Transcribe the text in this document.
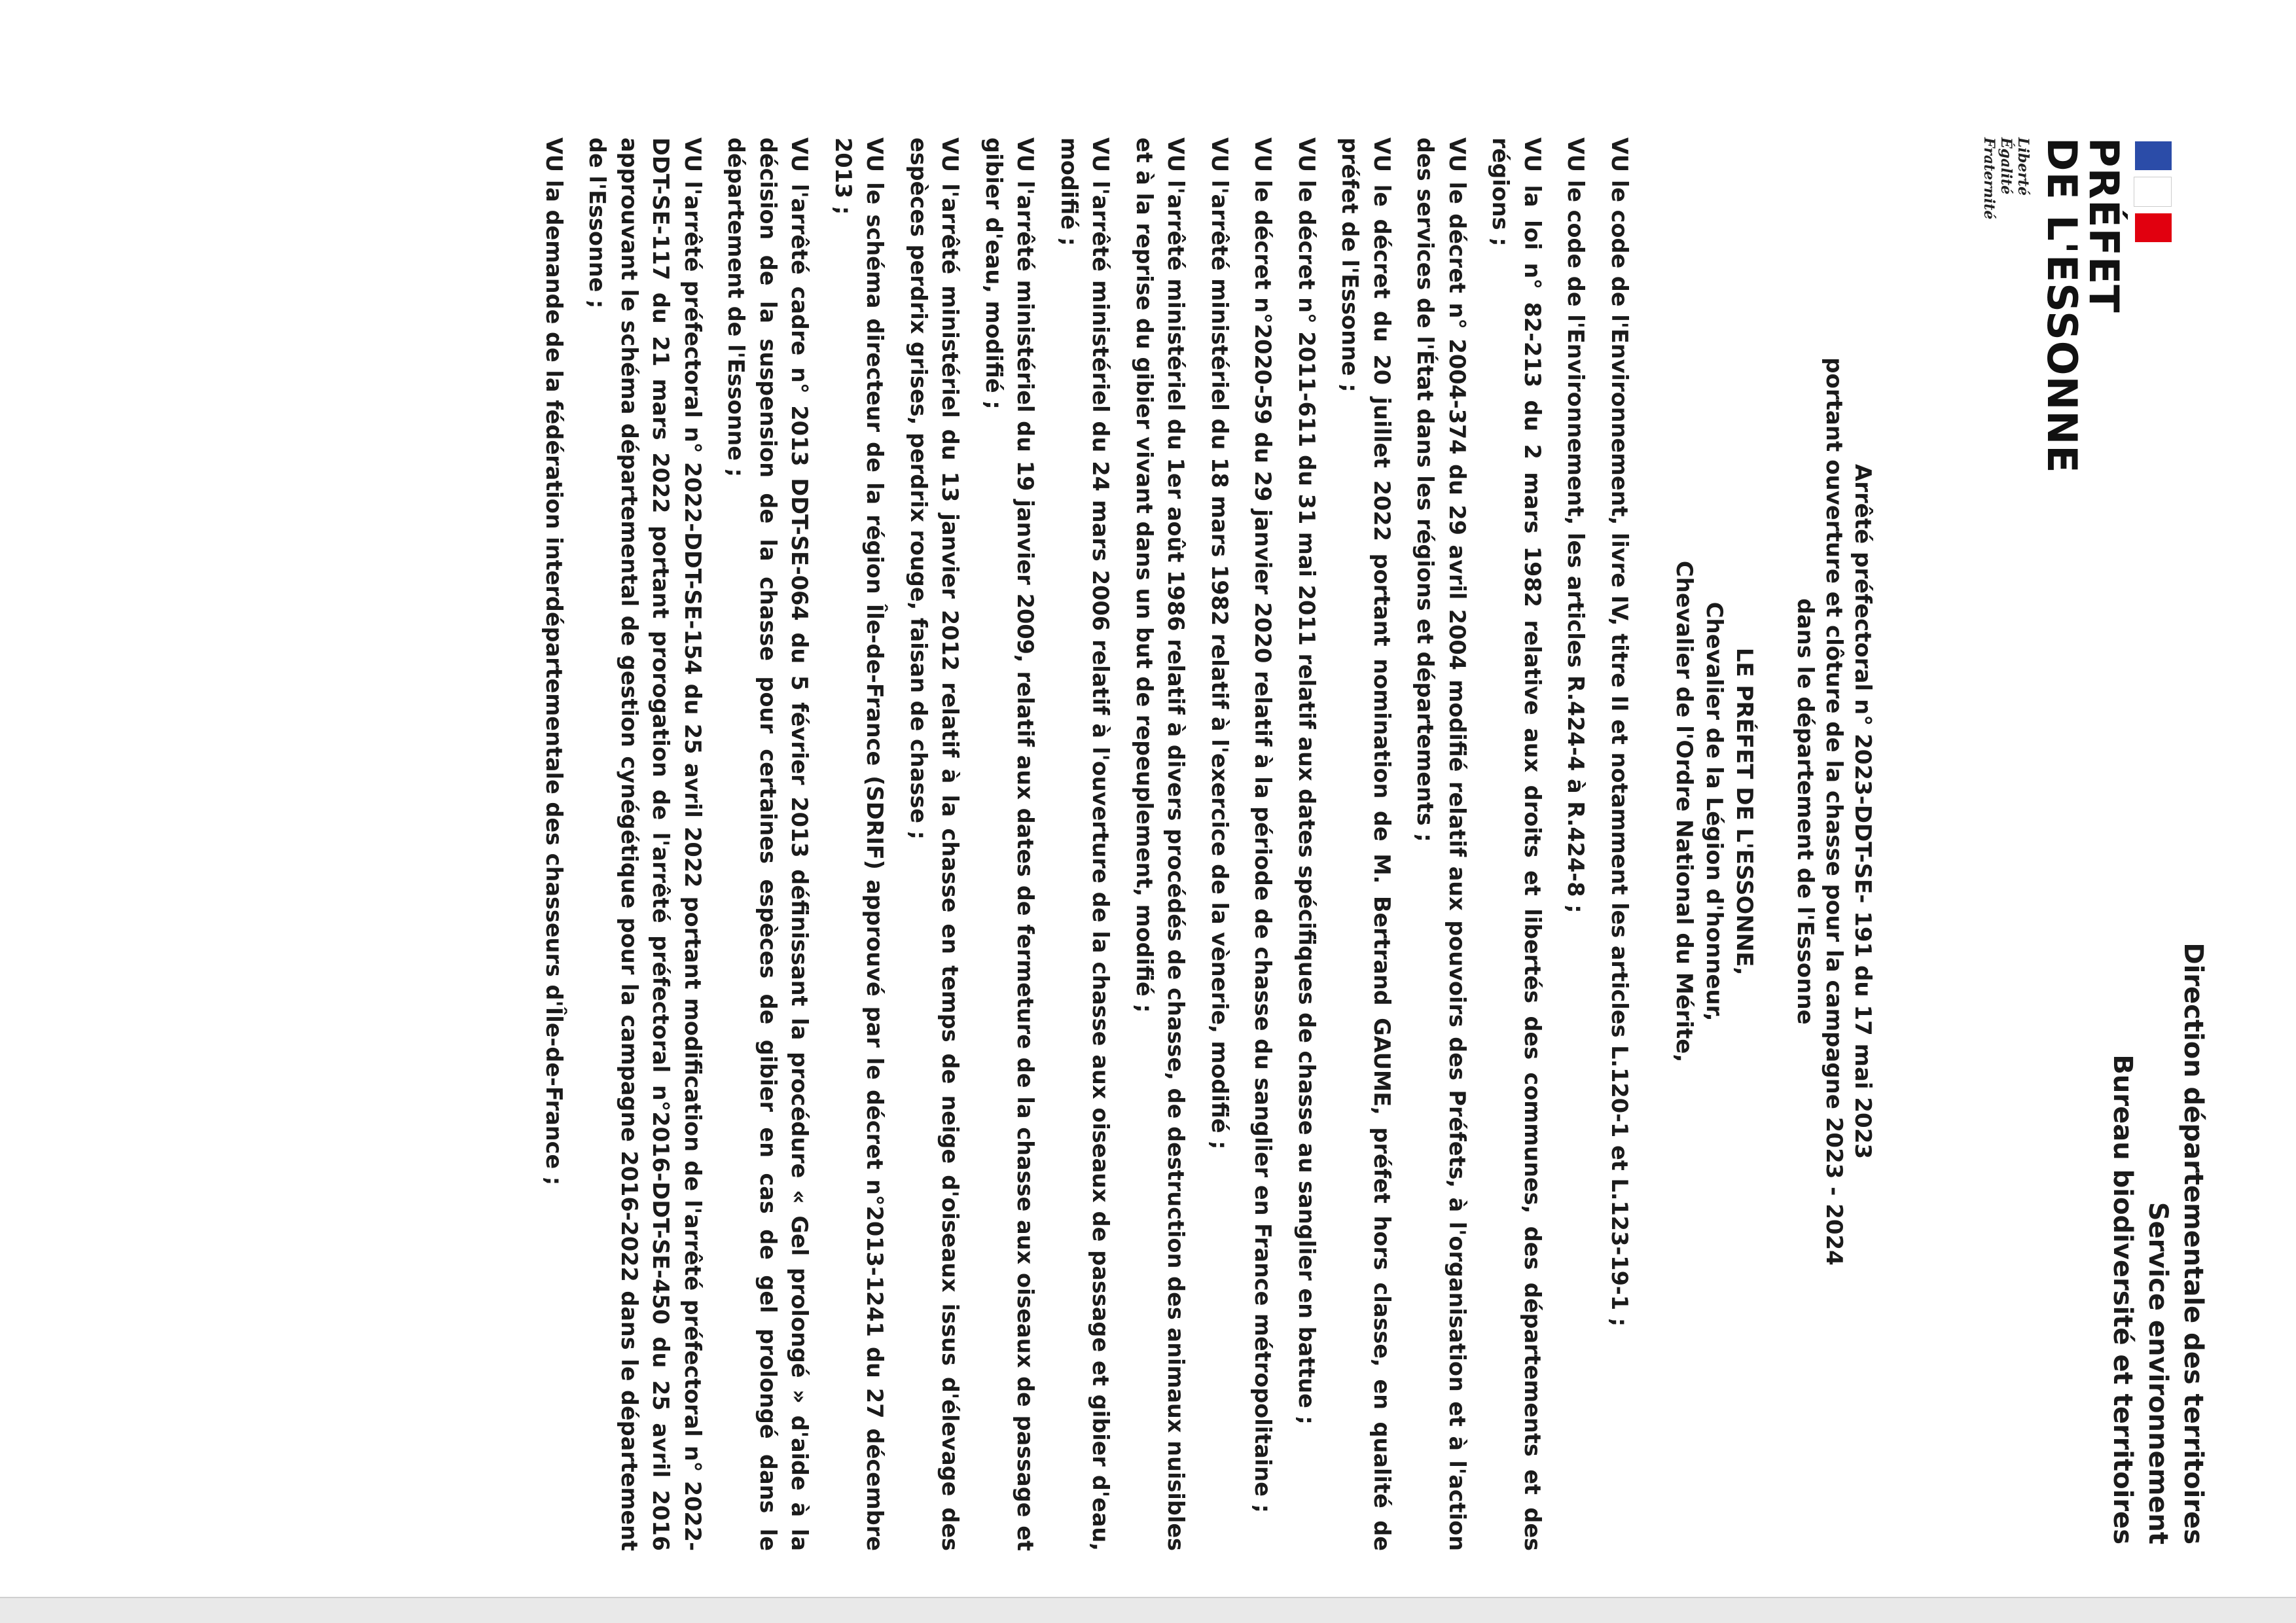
PRÉFET
DE L'ESSONNE
Liberté
Égalité
Fraternité
Direction départementale des territoires
Service environnement
Bureau biodiversité et territoires
Arrêté préfectoral n° 2023-DDT-SE- 191 du 17 mai 2023
portant ouverture et clôture de la chasse pour la campagne 2023 - 2024
dans le département de l'Essonne
LE PRÉFET DE L'ESSONNE,
Chevalier de la Légion d'honneur,
Chevalier de l'Ordre National du Mérite,

VU le code de l'Environnement, livre IV, titre II et notamment les articles L.120-1 et L.123-19-1 ;

VU le code de l'Environnement, les articles R.424-4 à R.424-8 ;

VU la loi n° 82-213 du 2 mars 1982 relative aux droits et libertés des communes, des départements et des régions ;

VU le décret n° 2004-374 du 29 avril 2004 modifié relatif aux pouvoirs des Préfets, à l'organisation et à l'action des services de l'État dans les régions et départements ;

VU le décret du 20 juillet 2022 portant nomination de M. Bertrand GAUME, préfet hors classe, en qualité de préfet de l'Essonne ;

VU le décret n° 2011-611 du 31 mai 2011 relatif aux dates spécifiques de chasse au sanglier en battue ;

VU le décret n°2020-59 du 29 janvier 2020 relatif à la période de chasse du sanglier en France métropolitaine ;

VU l'arrêté ministériel du 18 mars 1982 relatif à l'exercice de la vènerie, modifié ;

VU l'arrêté ministériel du 1er août 1986 relatif à divers procédés de chasse, de destruction des animaux nuisibles et à la reprise du gibier vivant dans un but de repeuplement, modifié ;

VU l'arrêté ministériel du 24 mars 2006 relatif à l'ouverture de la chasse aux oiseaux de passage et gibier d'eau, modifié ;

VU l'arrêté ministériel du 19 janvier 2009, relatif aux dates de fermeture de la chasse aux oiseaux de passage et gibier d'eau, modifié ;

VU l'arrêté ministériel du 13 janvier 2012 relatif à la chasse en temps de neige d'oiseaux issus d'élevage des espèces perdrix grises, perdrix rouge, faisan de chasse ;

VU le schéma directeur de la région Île-de-France (SDRIF) approuvé par le décret n°2013-1241 du 27 décembre 2013 ;

VU l'arrêté cadre n° 2013 DDT-SE-064 du 5 février 2013 définissant la procédure « Gel prolongé » d'aide à la décision de la suspension de la chasse pour certaines espèces de gibier en cas de gel prolongé dans le département de l'Essonne ;

VU l'arrêté préfectoral n° 2022-DDT-SE-154 du 25 avril 2022 portant modification de l'arrêté préfectoral n° 2022-DDT-SE-117 du 21 mars 2022 portant prorogation de l'arrêté préfectoral n°2016-DDT-SE-450 du 25 avril 2016 approuvant le schéma départemental de gestion cynégétique pour la campagne 2016-2022 dans le département de l'Essonne ;

VU la demande de la fédération interdépartementale des chasseurs d'Île-de-France ;
